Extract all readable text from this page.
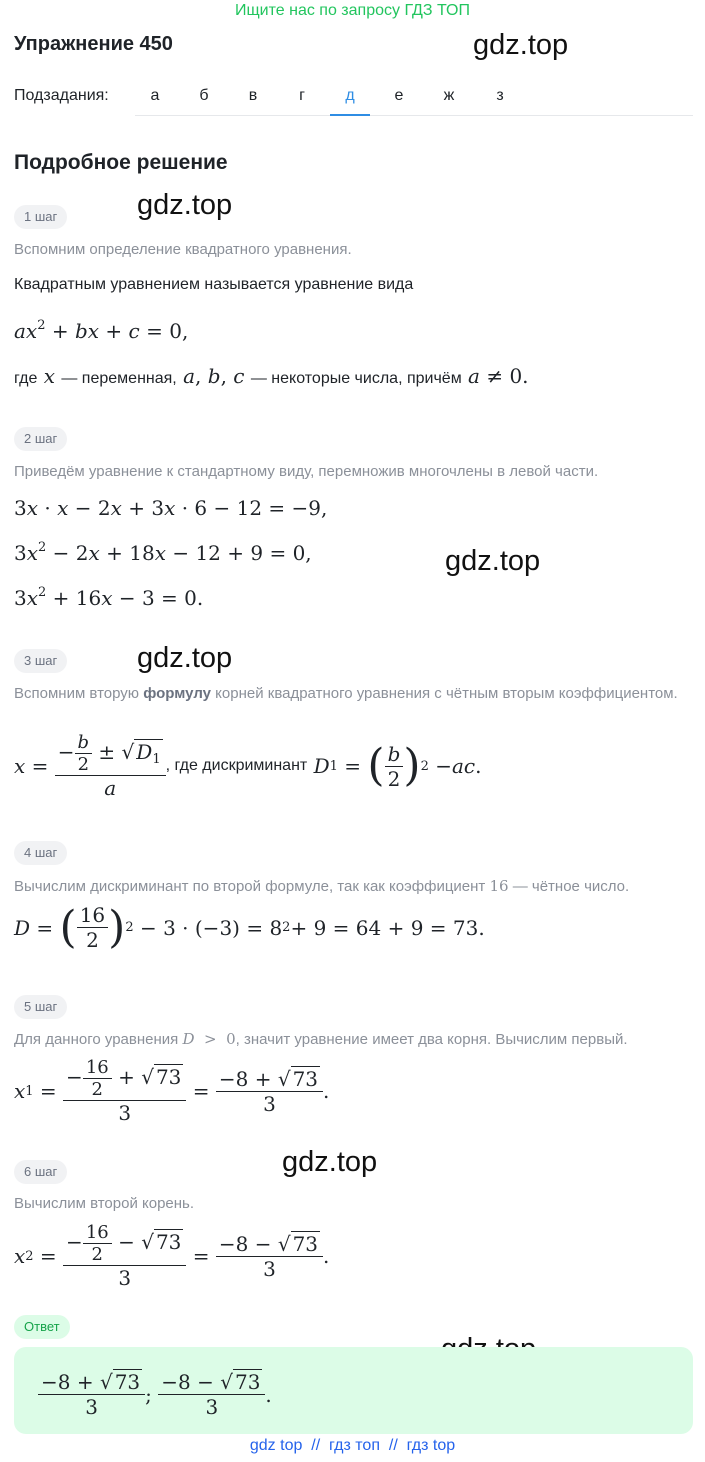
Ищите нас по запросу ГДЗ ТОП
Упражнение 450	gdz.top
gdz.top
gdz.top
gdz.top
gdz.top
Подзадания:	а	б	в	г	д	е	ж	з
Подробное решение
1 шаг
Вспомним определение квадратного уравнения.
Квадратным уравнением называется уравнение вида
$ax^2$ + bx + c = 0,
где x — переменная, a, b, c — некоторые числа, причём a ≠ 0.
2 шаг
Приведём уравнение к стандартному виду, перемножив многочлены в левой части.
3x · x − 2x + 3x · 6 − 12 = −9,
$3x^2 - 2x + 18x - 12 + 9 = 0$,
$3x^2 + 16x - 3 = 0$.
3 шаг
Вспомним вторую формулу корней квадратного уравнения с чётным вторым коэффициентом.
$x = \frac{- \frac{b}{2} \pm √ D_1}{a}$ , где дискриминант
D 1 = ( $\frac{b}{2}$ ) 2 − ac .
4 шаг
Вычислим дискриминант по второй формуле, так как коэффициент 16 — чётное число.
D = ( $\frac{16}{2}$ ) 2 − 3 · (−3) = 8 2 + 9 = 64 + 9 = 73.
5 шаг
Для данного уравнения D  >  0, значит уравнение имеет два корня. Вычислим первый.
x $1 = \frac{- \frac{16}{2} + √ 73}{3} = \frac{-8 + √ 73}{3}$ .
6 шаг
Вычислим второй корень.
x $2 = \frac{- \frac{16}{2} - √ 73}{3} = \frac{-8 - √ 73}{3}$ .
Ответ
$\frac{-8 + √ 73}{3}$ ; $\frac{-8 - √ 73}{3}$ .
gdz top  //  гдз топ  //  гдз top
